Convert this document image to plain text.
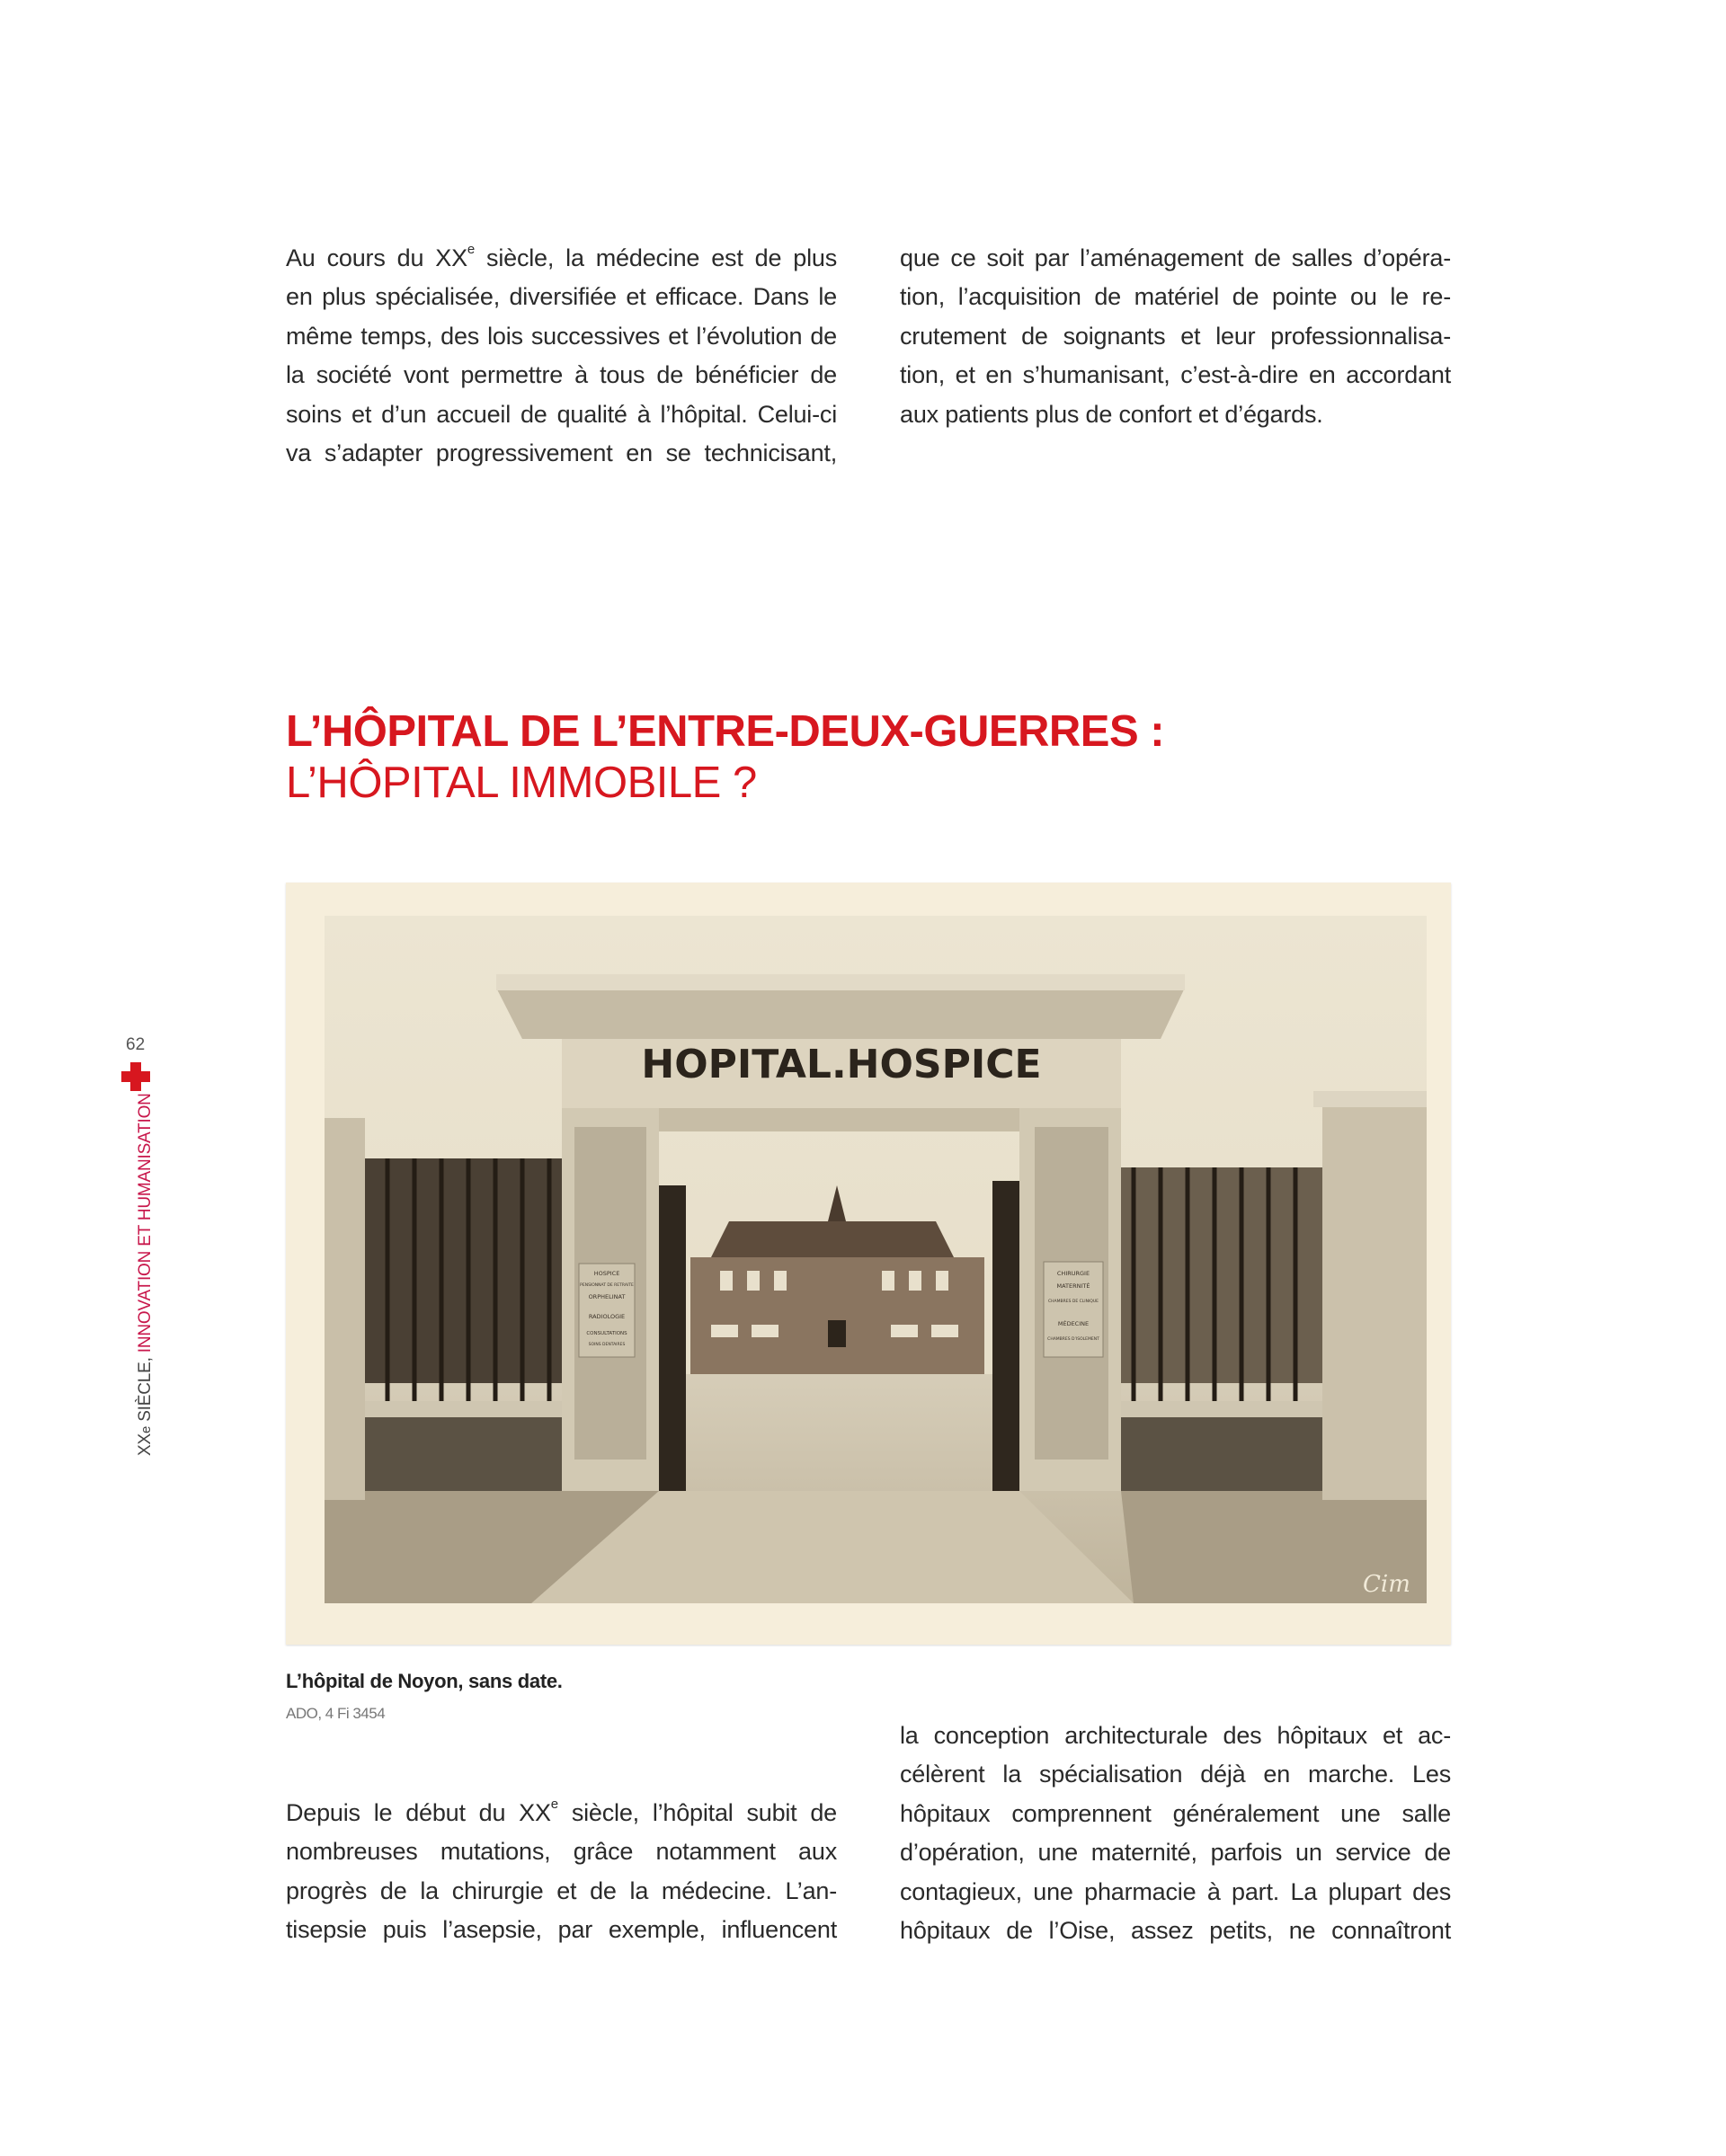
62
XXe SIÈCLE, INNOVATION ET HUMANISATION
Au cours du XXe siècle, la médecine est de plus
en plus spécialisée, diversifiée et efficace. Dans le
même temps, des lois successives et l’évolution de
la société vont permettre à tous de bénéficier de
soins et d’un accueil de qualité à l’hôpital. Celui-ci
va s’adapter progressivement en se technicisant,
que ce soit par l’aménagement de salles d’opéra-
tion, l’acquisition de matériel de pointe ou le re-
crutement de soignants et leur professionnalisa-
tion, et en s’humanisant, c’est-à-dire en accordant
aux patients plus de confort et d’égards.
L’HÔPITAL DE L’ENTRE-DEUX-GUERRES :
L’HÔPITAL IMMOBILE ?
HOPITAL.HOSPICE
HOSPICE
PENSIONNAT DE RETRAITE
ORPHELINAT
RADIOLOGIE
CONSULTATIONS
SOINS DENTAIRES
CHIRURGIE
MATERNITÉ
CHAMBRES DE CLINIQUE
MÉDECINE
CHAMBRES D’ISOLEMENT
Cim
L’hôpital de Noyon, sans date.
ADO, 4 Fi 3454
Depuis le début du XXe siècle, l’hôpital subit de
nombreuses mutations, grâce notamment aux
progrès de la chirurgie et de la médecine. L’an-
tisepsie puis l’asepsie, par exemple, influencent
la conception architecturale des hôpitaux et ac-
célèrent la spécialisation déjà en marche. Les
hôpitaux comprennent généralement une salle
d’opération, une maternité, parfois un service de
contagieux, une pharmacie à part. La plupart des
hôpitaux de l’Oise, assez petits, ne connaîtront
